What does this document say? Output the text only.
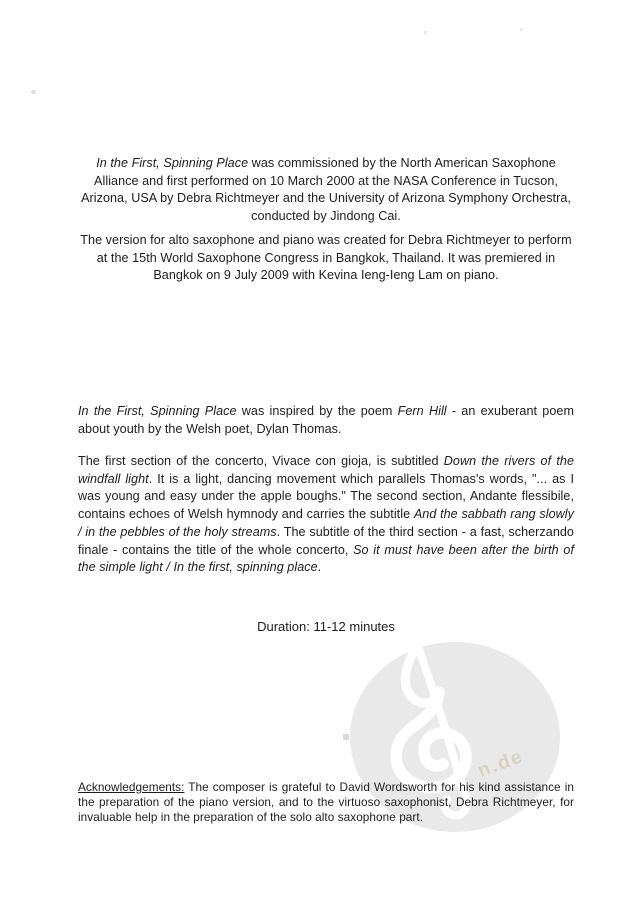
n.de
In the First, Spinning Place was commissioned by the North American Saxophone
Alliance and first performed on 10 March 2000 at the NASA Conference in Tucson,
Arizona, USA by Debra Richtmeyer and the University of Arizona Symphony Orchestra,
conducted by Jindong Cai.
The version for alto saxophone and piano was created for Debra Richtmeyer to perform
at the 15th World Saxophone Congress in Bangkok, Thailand. It was premiered in
Bangkok on 9 July 2009 with Kevina Ieng-Ieng Lam on piano.
In the First, Spinning Place was inspired by the poem Fern Hill - an exuberant poem
about youth by the Welsh poet, Dylan Thomas.
The first section of the concerto, Vivace con gioja, is subtitled Down the rivers of the
windfall light. It is a light, dancing movement which parallels Thomas's words, "... as I
was young and easy under the apple boughs." The second section, Andante flessibile,
contains echoes of Welsh hymnody and carries the subtitle And the sabbath rang slowly
/ in the pebbles of the holy streams. The subtitle of the third section - a fast, scherzando
finale - contains the title of the whole concerto, So it must have been after the birth of
the simple light / In the first, spinning place.
Duration: 11-12 minutes
Acknowledgements: The composer is grateful to David Wordsworth for his kind assistance in
the preparation of the piano version, and to the virtuoso saxophonist, Debra Richtmeyer, for
invaluable help in the preparation of the solo alto saxophone part.
